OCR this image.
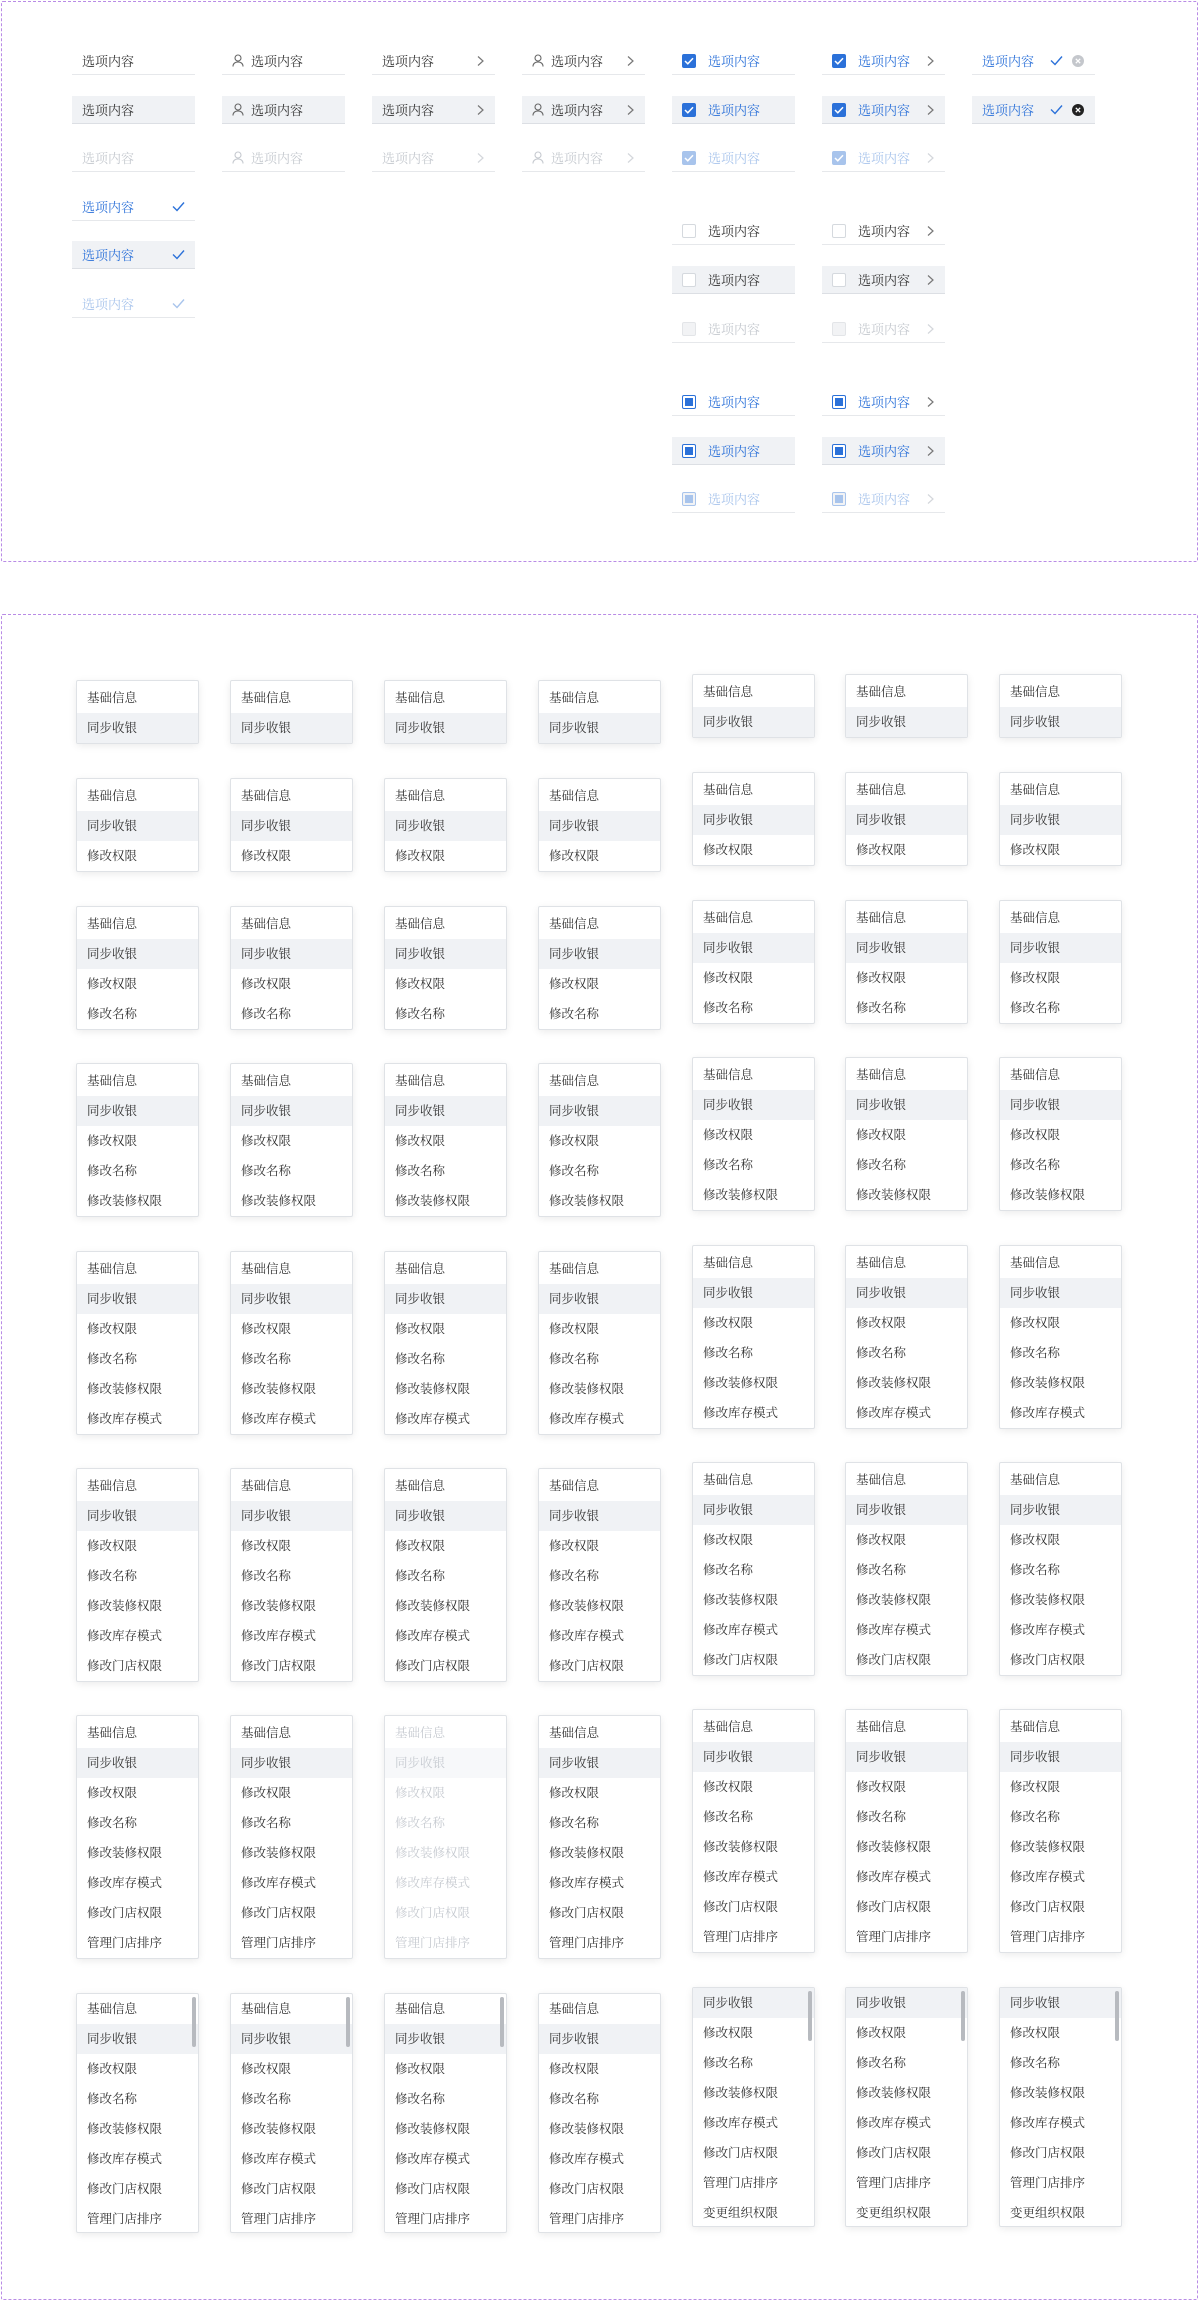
选项内容
选项内容
选项内容
选项内容
选项内容
选项内容
选项内容
选项内容
选项内容
选项内容
选项内容
选项内容
选项内容
选项内容
选项内容
选项内容
选项内容
选项内容
选项内容
选项内容
选项内容
选项内容
选项内容
选项内容
选项内容
选项内容
选项内容
选项内容
选项内容
选项内容
选项内容
选项内容
选项内容
选项内容
选项内容
基础信息
同步收银
基础信息
同步收银
基础信息
同步收银
基础信息
同步收银
基础信息
同步收银
基础信息
同步收银
基础信息
同步收银
基础信息
同步收银
修改权限
基础信息
同步收银
修改权限
基础信息
同步收银
修改权限
基础信息
同步收银
修改权限
基础信息
同步收银
修改权限
基础信息
同步收银
修改权限
基础信息
同步收银
修改权限
基础信息
同步收银
修改权限
修改名称
基础信息
同步收银
修改权限
修改名称
基础信息
同步收银
修改权限
修改名称
基础信息
同步收银
修改权限
修改名称
基础信息
同步收银
修改权限
修改名称
基础信息
同步收银
修改权限
修改名称
基础信息
同步收银
修改权限
修改名称
基础信息
同步收银
修改权限
修改名称
修改装修权限
基础信息
同步收银
修改权限
修改名称
修改装修权限
基础信息
同步收银
修改权限
修改名称
修改装修权限
基础信息
同步收银
修改权限
修改名称
修改装修权限
基础信息
同步收银
修改权限
修改名称
修改装修权限
基础信息
同步收银
修改权限
修改名称
修改装修权限
基础信息
同步收银
修改权限
修改名称
修改装修权限
基础信息
同步收银
修改权限
修改名称
修改装修权限
修改库存模式
基础信息
同步收银
修改权限
修改名称
修改装修权限
修改库存模式
基础信息
同步收银
修改权限
修改名称
修改装修权限
修改库存模式
基础信息
同步收银
修改权限
修改名称
修改装修权限
修改库存模式
基础信息
同步收银
修改权限
修改名称
修改装修权限
修改库存模式
基础信息
同步收银
修改权限
修改名称
修改装修权限
修改库存模式
基础信息
同步收银
修改权限
修改名称
修改装修权限
修改库存模式
基础信息
同步收银
修改权限
修改名称
修改装修权限
修改库存模式
修改门店权限
基础信息
同步收银
修改权限
修改名称
修改装修权限
修改库存模式
修改门店权限
基础信息
同步收银
修改权限
修改名称
修改装修权限
修改库存模式
修改门店权限
基础信息
同步收银
修改权限
修改名称
修改装修权限
修改库存模式
修改门店权限
基础信息
同步收银
修改权限
修改名称
修改装修权限
修改库存模式
修改门店权限
基础信息
同步收银
修改权限
修改名称
修改装修权限
修改库存模式
修改门店权限
基础信息
同步收银
修改权限
修改名称
修改装修权限
修改库存模式
修改门店权限
基础信息
同步收银
修改权限
修改名称
修改装修权限
修改库存模式
修改门店权限
管理门店排序
基础信息
同步收银
修改权限
修改名称
修改装修权限
修改库存模式
修改门店权限
管理门店排序
基础信息
同步收银
修改权限
修改名称
修改装修权限
修改库存模式
修改门店权限
管理门店排序
基础信息
同步收银
修改权限
修改名称
修改装修权限
修改库存模式
修改门店权限
管理门店排序
基础信息
同步收银
修改权限
修改名称
修改装修权限
修改库存模式
修改门店权限
管理门店排序
基础信息
同步收银
修改权限
修改名称
修改装修权限
修改库存模式
修改门店权限
管理门店排序
基础信息
同步收银
修改权限
修改名称
修改装修权限
修改库存模式
修改门店权限
管理门店排序
基础信息
同步收银
修改权限
修改名称
修改装修权限
修改库存模式
修改门店权限
管理门店排序
基础信息
同步收银
修改权限
修改名称
修改装修权限
修改库存模式
修改门店权限
管理门店排序
基础信息
同步收银
修改权限
修改名称
修改装修权限
修改库存模式
修改门店权限
管理门店排序
基础信息
同步收银
修改权限
修改名称
修改装修权限
修改库存模式
修改门店权限
管理门店排序
同步收银
修改权限
修改名称
修改装修权限
修改库存模式
修改门店权限
管理门店排序
变更组织权限
同步收银
修改权限
修改名称
修改装修权限
修改库存模式
修改门店权限
管理门店排序
变更组织权限
同步收银
修改权限
修改名称
修改装修权限
修改库存模式
修改门店权限
管理门店排序
变更组织权限
